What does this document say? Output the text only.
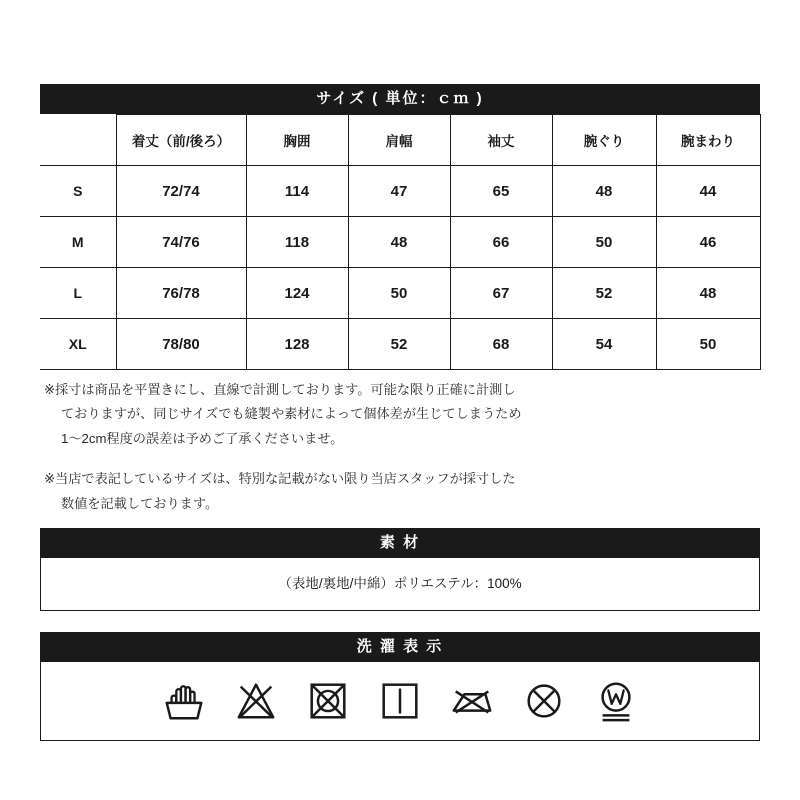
サイズ ( 単位：ｃｍ )
	着丈（前/後ろ）	胸囲	肩幅	袖丈	腕ぐり	腕まわり
S	72/74	114	47	65	48	44
M	74/76	118	48	66	50	46
L	76/78	124	50	67	52	48
XL	78/80	128	52	68	54	50

※採寸は商品を平置きにし、直線で計測しております。可能な限り正確に計測し
ておりますが、同じサイズでも縫製や素材によって個体差が生じてしまうため
1〜2cm程度の誤差は予めご了承くださいませ。

※当店で表記しているサイズは、特別な記載がない限り当店スタッフが採寸した
数値を記載しております。

素 材
（表地/裏地/中綿）ポリエステル：100%
洗 濯 表 示
